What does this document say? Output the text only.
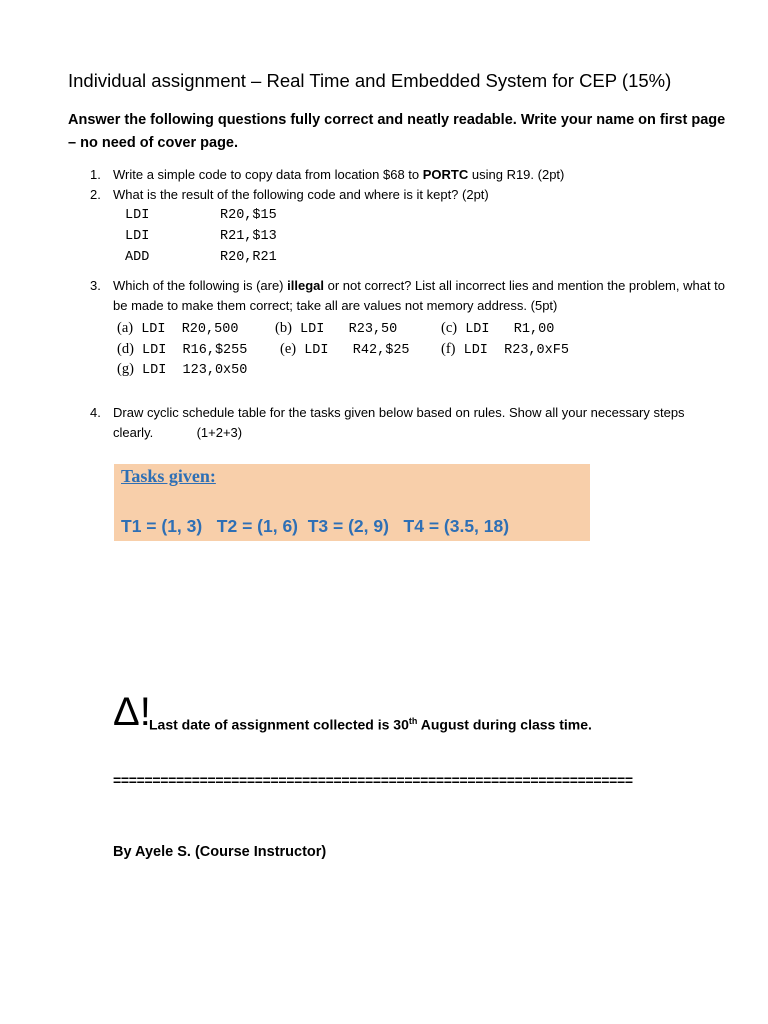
Individual assignment – Real Time and Embedded System for CEP (15%)
Answer the following questions fully correct and neatly readable. Write your name on first page – no need of cover page.
1. Write a simple code to copy data from location $68 to PORTC using R19. (2pt)
2. What is the result of the following code and where is it kept? (2pt)
LDI	R20,$15
LDI	R21,$13
ADD	R20,R21
3. Which of the following is (are) illegal or not correct? List all incorrect lies and mention the problem, what to be made to make them correct; take all are values not memory address. (5pt)
(a) LDI  R20,500	(b) LDI   R23,50	(c) LDI   R1,00
(d) LDI  R16,$255 (e) LDI   R42,$25 (f) LDI  R23,0xF5
(g) LDI  123,0x50
4. Draw cyclic schedule table for the tasks given below based on rules. Show all your necessary steps clearly.	(1+2+3)
Tasks given:
T1 = (1, 3)   T2 = (1, 6)  T3 = (2, 9)   T4 = (3.5, 18)
Δ!
Last date of assignment collected is 30th August during class time.
==================================================================
By Ayele S. (Course Instructor)
